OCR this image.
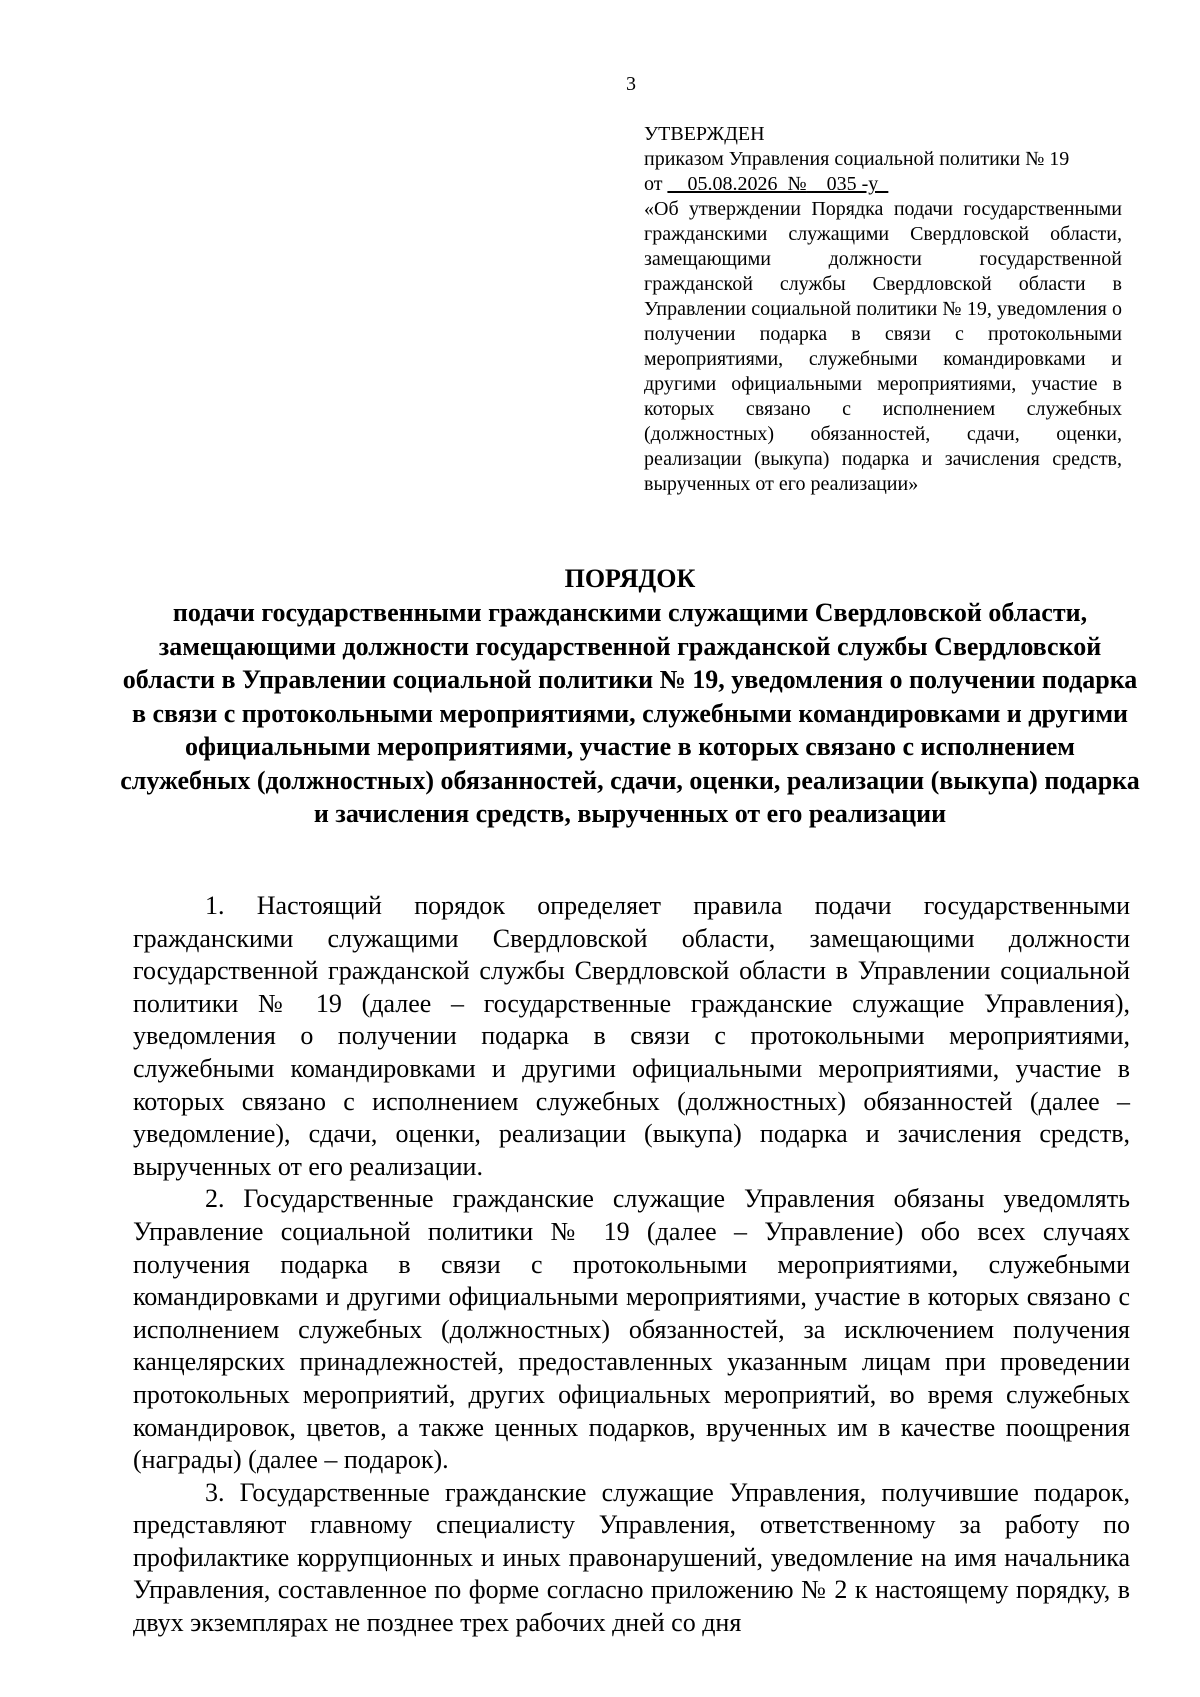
3
УТВЕРЖДЕН
приказом Управления социальной политики № 19
от __05.08.2026_№__035 -у_
«Об утверждении Порядка подачи государственными гражданскими служащими Свердловской области, замещающими должности государственной гражданской службы Свердловской области в Управлении социальной политики № 19, уведомления о получении подарка в связи с протокольными мероприятиями, служебными командировками и другими официальными мероприятиями, участие в которых связано с исполнением служебных (должностных) обязанностей, сдачи, оценки, реализации (выкупа) подарка и зачисления средств, вырученных от его реализации»

ПОРЯДОК

подачи государственными гражданскими служащими Свердловской области, замещающими должности государственной гражданской службы Свердловской области в Управлении социальной политики № 19, уведомления о получении подарка в связи с протокольными мероприятиями, служебными командировками и другими официальными мероприятиями, участие в которых связано с исполнением служебных (должностных) обязанностей, сдачи, оценки, реализации (выкупа) подарка и зачисления средств, вырученных от его реализации

1. Настоящий порядок определяет правила подачи государственными гражданскими служащими Свердловской области, замещающими должности государственной гражданской службы Свердловской области в Управлении социальной политики № 19 (далее – государственные гражданские служащие Управления), уведомления о получении подарка в связи с протокольными мероприятиями, служебными командировками и другими официальными мероприятиями, участие в которых связано с исполнением служебных (должностных) обязанностей (далее – уведомление), сдачи, оценки, реализации (выкупа) подарка и зачисления средств, вырученных от его реализации.

2. Государственные гражданские служащие Управления обязаны уведомлять Управление социальной политики № 19 (далее – Управление) обо всех случаях получения подарка в связи с протокольными мероприятиями, служебными командировками и другими официальными мероприятиями, участие в которых связано с исполнением служебных (должностных) обязанностей, за исключением получения канцелярских принадлежностей, предоставленных указанным лицам при проведении протокольных мероприятий, других официальных мероприятий, во время служебных командировок, цветов, а также ценных подарков, врученных им в качестве поощрения (награды) (далее – подарок).

3. Государственные гражданские служащие Управления, получившие подарок, представляют главному специалисту Управления, ответственному за работу по профилактике коррупционных и иных правонарушений, уведомление на имя начальника Управления, составленное по форме согласно приложению № 2 к настоящему порядку, в двух экземплярах не позднее трех рабочих дней со дня
